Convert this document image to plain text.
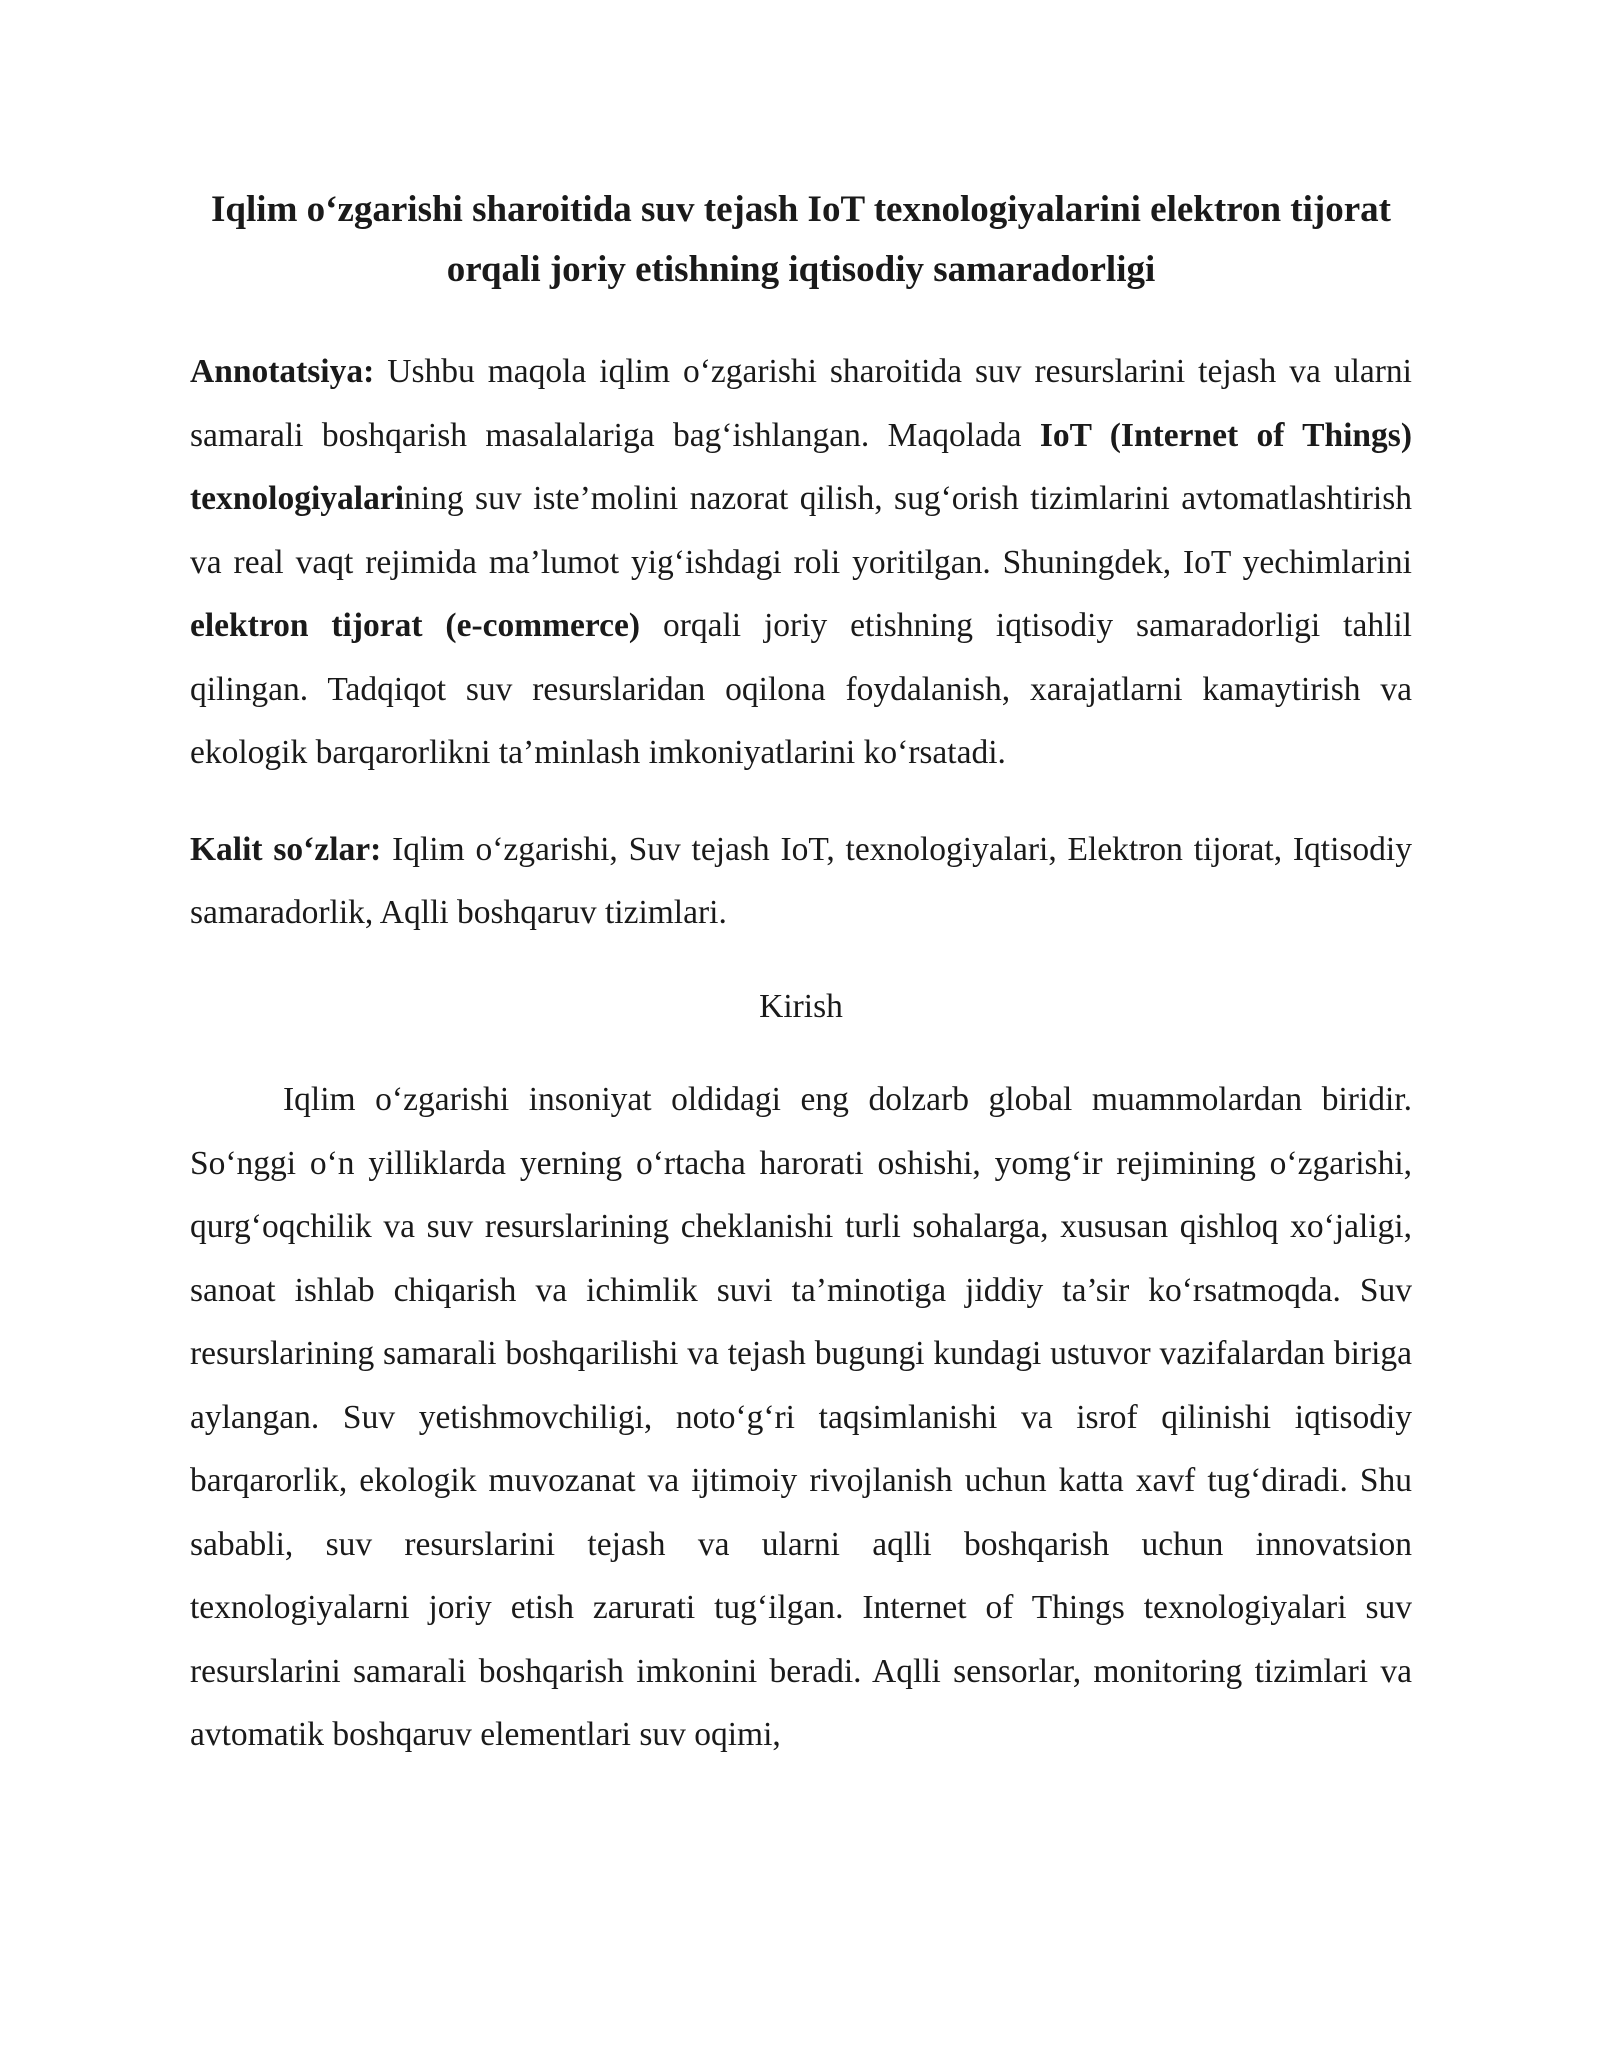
Iqlim o‘zgarishi sharoitida suv tejash IoT texnologiyalarini elektron tijorat orqali joriy etishning iqtisodiy samaradorligi

Annotatsiya: Ushbu maqola iqlim o‘zgarishi sharoitida suv resurslarini tejash va ularni samarali boshqarish masalalariga bag‘ishlangan. Maqolada IoT (Internet of Things) texnologiyalarining suv iste’molini nazorat qilish, sug‘orish tizimlarini avtomatlashtirish va real vaqt rejimida ma’lumot yig‘ishdagi roli yoritilgan. Shuningdek, IoT yechimlarini elektron tijorat (e-commerce) orqali joriy etishning iqtisodiy samaradorligi tahlil qilingan. Tadqiqot suv resurslaridan oqilona foydalanish, xarajatlarni kamaytirish va ekologik barqarorlikni ta’minlash imkoniyatlarini ko‘rsatadi.

Kalit so‘zlar: Iqlim o‘zgarishi, Suv tejash IoT, texnologiyalari, Elektron tijorat, Iqtisodiy samaradorlik, Aqlli boshqaruv tizimlari.

Kirish

Iqlim o‘zgarishi insoniyat oldidagi eng dolzarb global muammolardan biridir. So‘nggi o‘n yilliklarda yerning o‘rtacha harorati oshishi, yomg‘ir rejimining o‘zgarishi, qurg‘oqchilik va suv resurslarining cheklanishi turli sohalarga, xususan qishloq xo‘jaligi, sanoat ishlab chiqarish va ichimlik suvi ta’minotiga jiddiy ta’sir ko‘rsatmoqda. Suv resurslarining samarali boshqarilishi va tejash bugungi kundagi ustuvor vazifalardan biriga aylangan. Suv yetishmovchiligi, noto‘g‘ri taqsimlanishi va isrof qilinishi iqtisodiy barqarorlik, ekologik muvozanat va ijtimoiy rivojlanish uchun katta xavf tug‘diradi. Shu sababli, suv resurslarini tejash va ularni aqlli boshqarish uchun innovatsion texnologiyalarni joriy etish zarurati tug‘ilgan. Internet of Things texnologiyalari suv resurslarini samarali boshqarish imkonini beradi. Aqlli sensorlar, monitoring tizimlari va avtomatik boshqaruv elementlari suv oqimi,
